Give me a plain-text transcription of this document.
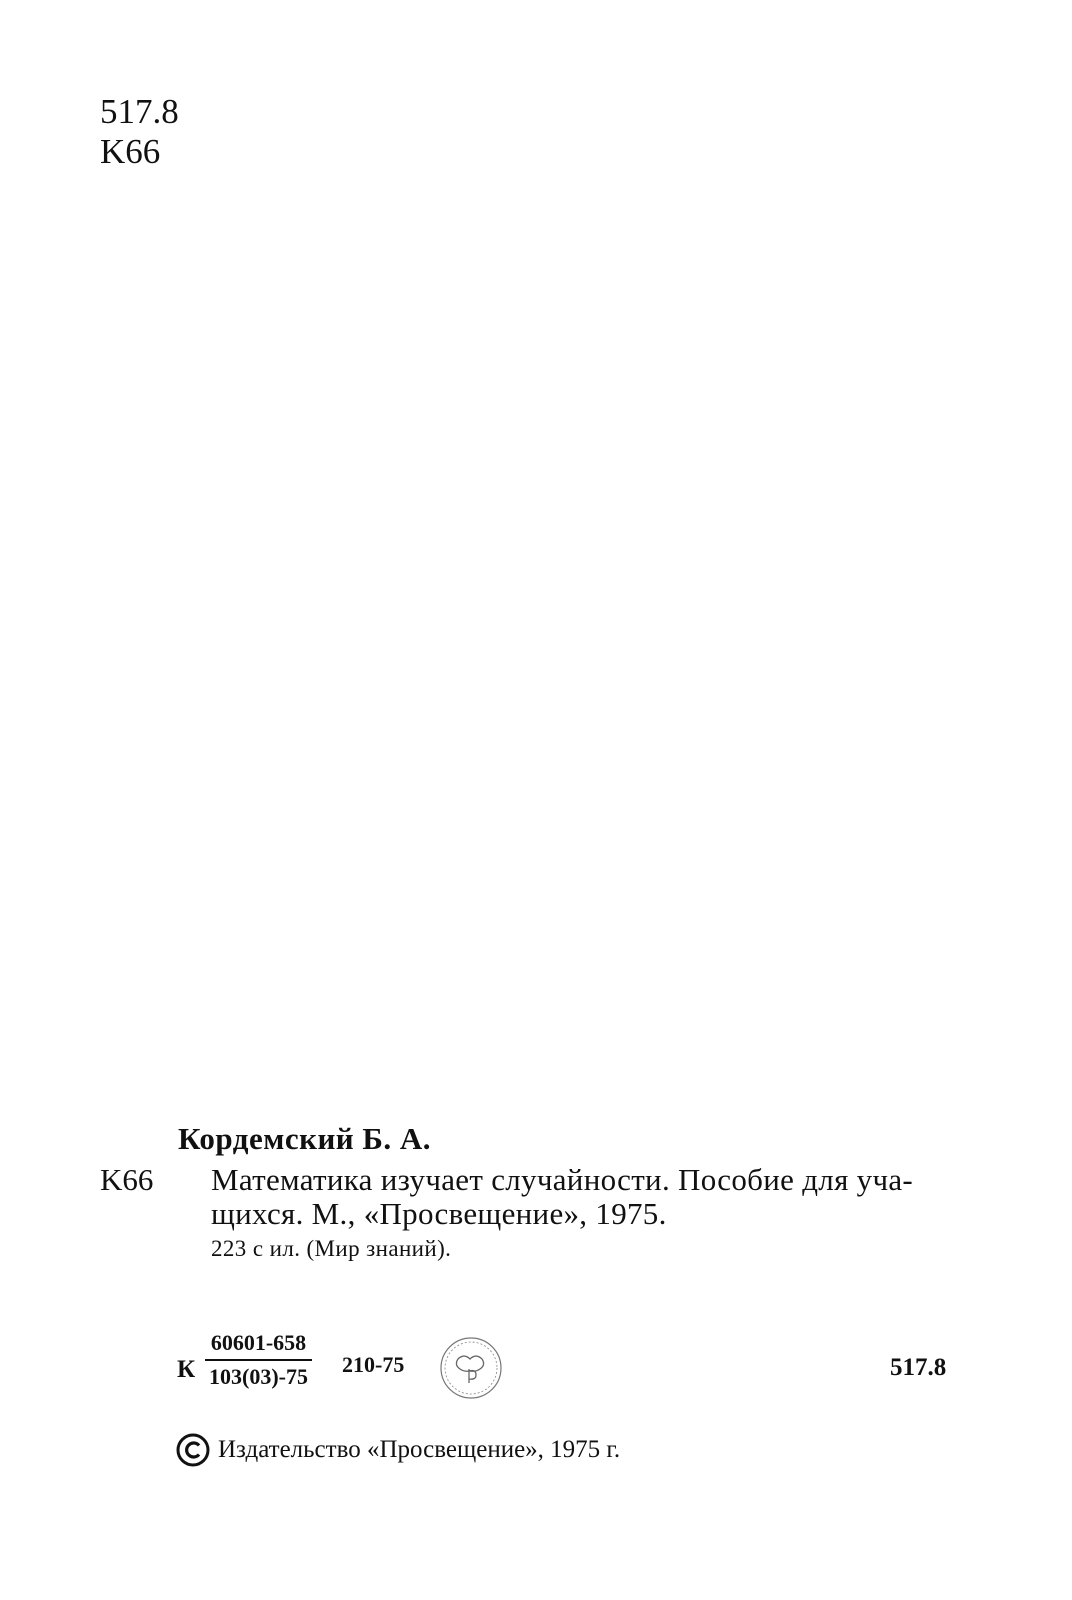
517.8
K66
Кордемский Б. А.
K66 Математика изучает случайности. Пособие для уча-
щихся. М., «Просвещение», 1975.
223 с ил. (Мир знаний).
К
60601-658
103(03)-75 210-75	517.8
Издательство «Просвещение», 1975 г.
